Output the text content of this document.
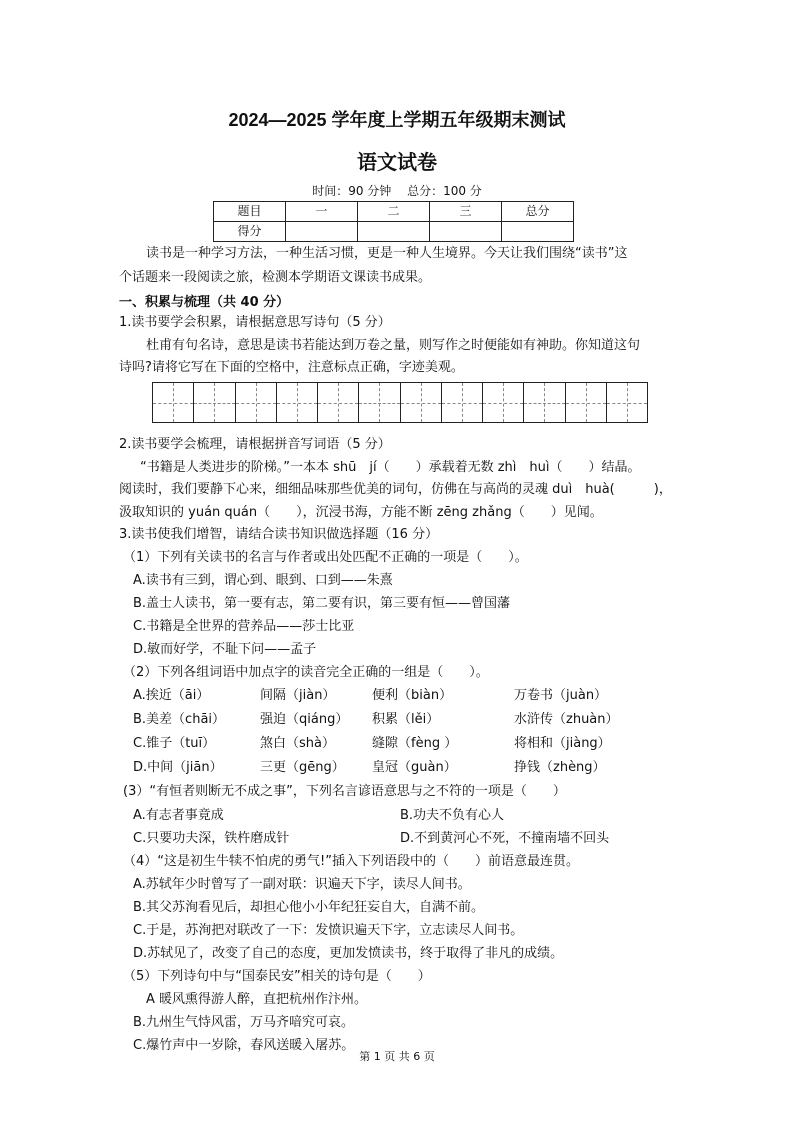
2024—2025 学年度上学期五年级期末测试
语文试卷
时间：90 分钟　 总分：100 分
题目	一	二	三	总分
得分				
读书是一种学习方法，一种生活习惯，更是一种人生境界。今天让我们围绕“读书”这
个话题来一段阅读之旅，检测本学期语文课读书成果。
一、积累与梳理（共 40 分）
1.读书要学会积累，请根据意思写诗句（5 分）
杜甫有句名诗，意思是读书若能达到万卷之量，则写作之时便能如有神助。你知道这句
诗吗?请将它写在下面的空格中，注意标点正确，字迹美观。
2.读书要学会梳理，请根据拼音写词语（5 分）
“书籍是人类进步的阶梯。”一本本 shū　jí（　　）承载着无数 zhì　huì（　　）结晶。
阅读时，我们要静下心来，细细品味那些优美的词句，仿佛在与高尚的灵魂 duì　huà(　　　)，
汲取知识的 yuán quán（　　），沉浸书海，方能不断 zēng zhǎng（　　）见闻。
3.读书使我们增智，请结合读书知识做选择题（16 分）
（1）下列有关读书的名言与作者或出处匹配不正确的一项是（　　）。
A.读书有三到，谓心到、眼到、口到——朱熹
B.盖士人读书，第一要有志，第二要有识，第三要有恒——曾国藩
C.书籍是全世界的营养品——莎士比亚
D.敏而好学，不耻下问——孟子
（2）下列各组词语中加点字的读音完全正确的一组是（　　）。
A.挨近（āi）	间隔（jiàn）	便利（biàn）	万卷书（juàn）
B.美差（chāi）	强迫（qiáng） 积累（lěi）	水浒传（zhuàn）
C.锥子（tuī）	煞白（shà）	缝隙（fèng ）	将相和（jiàng）
D.中间（jiān）	三更（gēng） 皇冠（guàn）	挣钱（zhèng）
(3）“有恒者则断无不成之事”，下列名言谚语意思与之不符的一项是（　　）
A.有志者事竟成	B.功夫不负有心人
C.只要功夫深，铁杵磨成针	D.不到黄河心不死，不撞南墙不回头
（4）“这是初生牛犊不怕虎的勇气!”插入下列语段中的（　　）前语意最连贯。
A.苏轼年少时曾写了一副对联：识遍天下字，读尽人间书。
B.其父苏洵看见后，却担心他小小年纪狂妄自大，自满不前。
C.于是，苏洵把对联改了一下：发愤识遍天下字，立志读尽人间书。
D.苏轼见了，改变了自己的态度，更加发愤读书，终于取得了非凡的成绩。
（5）下列诗句中与“国泰民安”相关的诗句是（　　）
A 暖风熏得游人醉，直把杭州作汴州。
B.九州生气恃风雷，万马齐喑究可哀。
C.爆竹声中一岁除，春风送暖入屠苏。
第 1 页 共 6 页
